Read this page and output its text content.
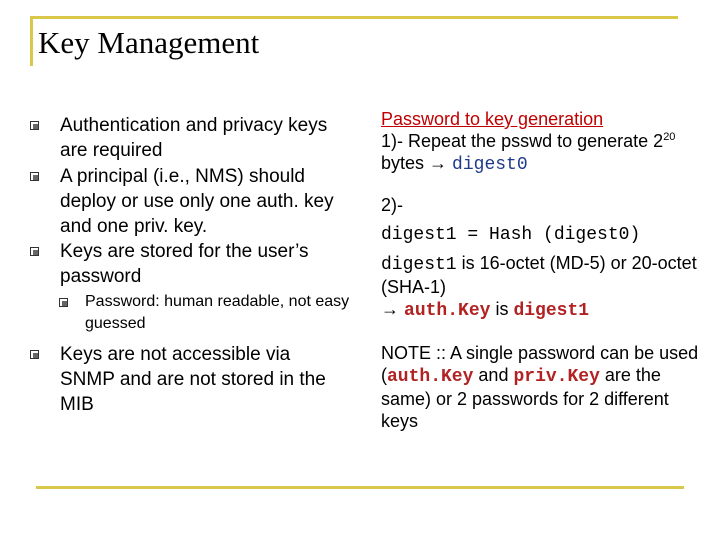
Key Management
Authentication and privacy keys are required
A principal (i.e., NMS) should deploy or use only one auth. key and one priv. key.
Keys are stored for the user’s password
Password: human readable, not easy guessed
Keys are not accessible via SNMP and are not stored in the MIB
Password to key generation
1)- Repeat the psswd to generate $2^{20}$ bytes → digest0
2)-
digest1 = Hash (digest0)
digest1 is 16-octet (MD-5) or 20-octet (SHA-1)
→ auth.Key is digest1
NOTE :: A single password can be used (auth.Key and priv.Key are the same) or 2 passwords for 2 different keys
